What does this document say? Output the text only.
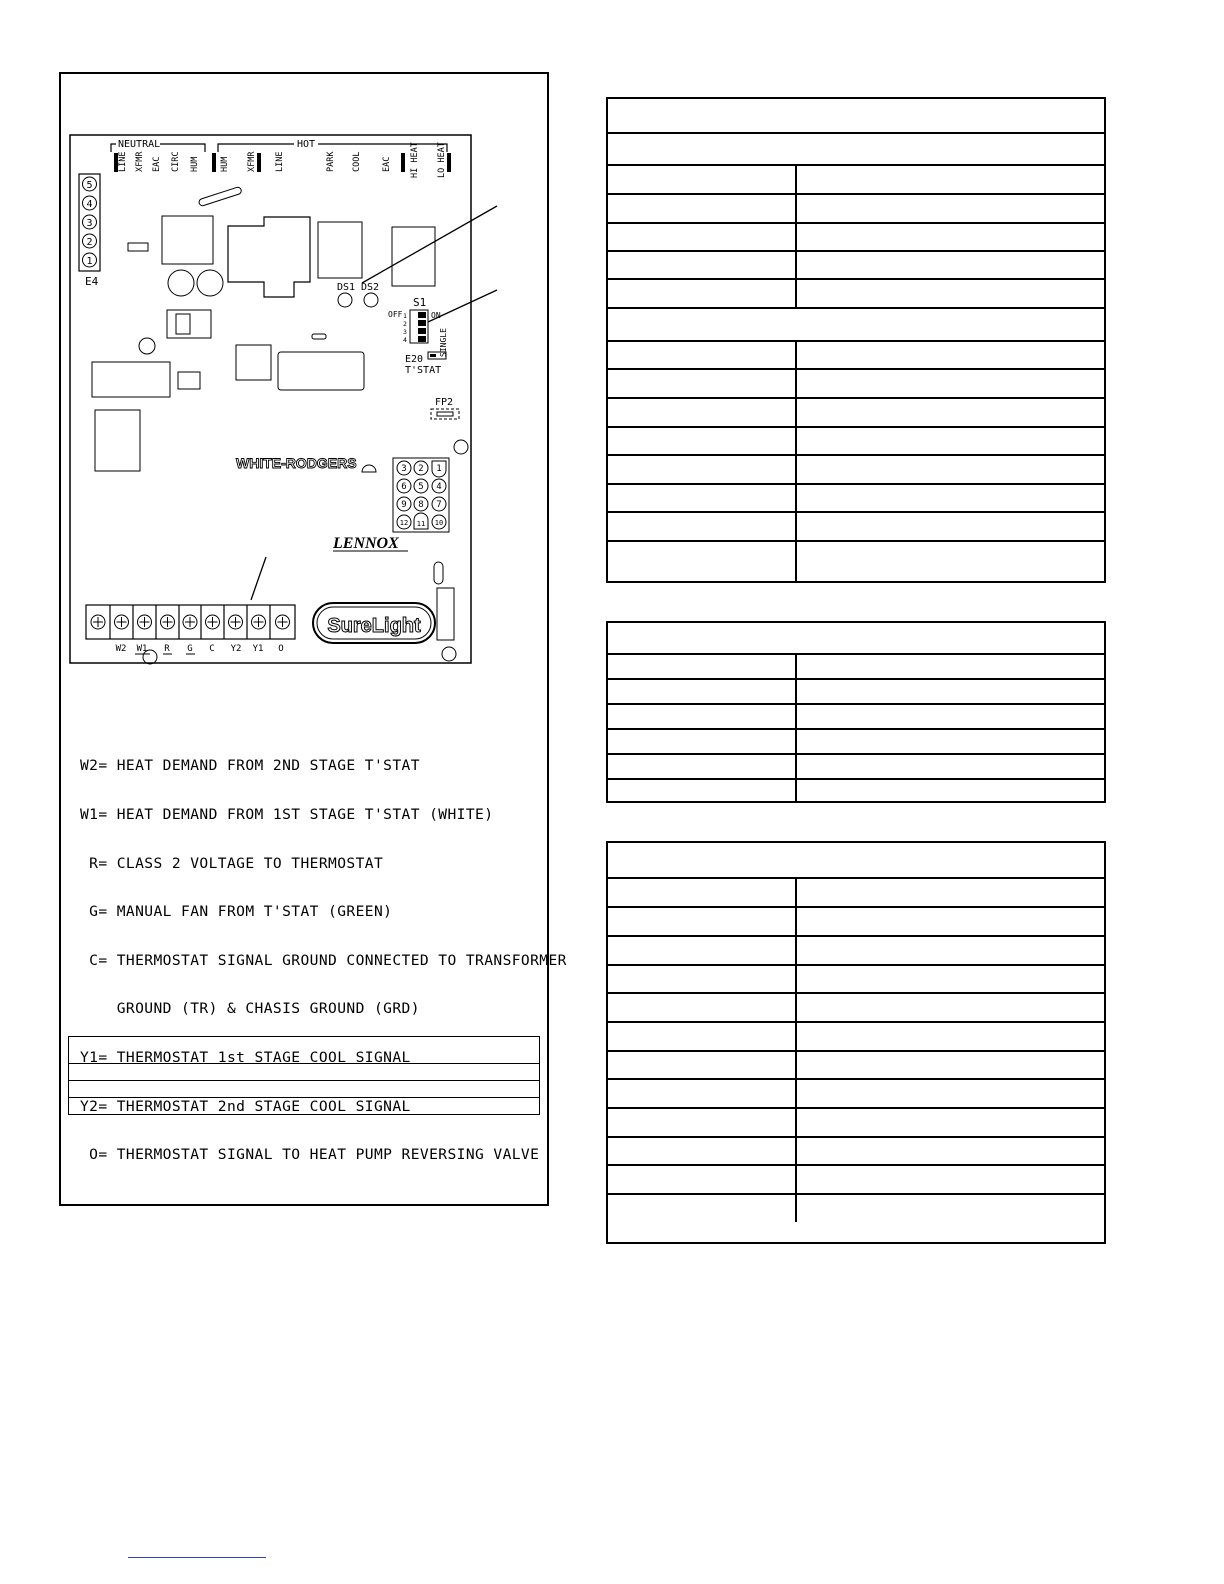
NEUTRAL	HOT
LINE XFMR EAC CIRC HUM HUM XFMR LINE	PARK COOL EAC HI HEAT LO HEAT
5
4
3
2
1
E4	DS1 DS2
S1
OFF	ON
1
2
3
4	SINGLE
E20
T'STAT
FP2
WHITE-RODGERS
LENNOX
3 2 1
6 5 4
9 8 7
12 11 10
SureLight
W2 W1 R G C Y2 Y1 O

W2= HEAT DEMAND FROM 2ND STAGE T'STAT

W1= HEAT DEMAND FROM 1ST STAGE T'STAT (WHITE)

R= CLASS 2 VOLTAGE TO THERMOSTAT

G= MANUAL FAN FROM T'STAT (GREEN)

C= THERMOSTAT SIGNAL GROUND CONNECTED TO TRANSFORMER

GROUND (TR) & CHASIS GROUND (GRD)

Y1= THERMOSTAT 1st STAGE COOL SIGNAL

Y2= THERMOSTAT 2nd STAGE COOL SIGNAL

O= THERMOSTAT SIGNAL TO HEAT PUMP REVERSING VALVE
